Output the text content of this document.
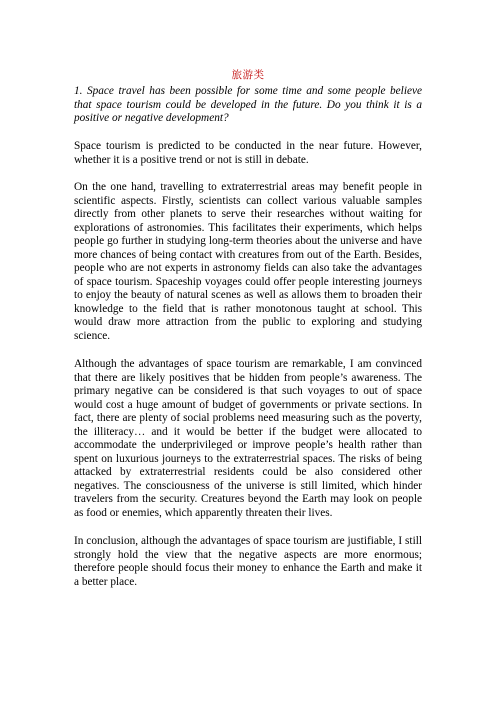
旅游类
1. Space travel has been possible for some time and some people believe that space tourism could be developed in the future. Do you think it is a positive or negative development?

Space tourism is predicted to be conducted in the near future. However, whether it is a positive trend or not is still in debate.

On the one hand, travelling to extraterrestrial areas may benefit people in scientific aspects. Firstly, scientists can collect various valuable samples directly from other planets to serve their researches without waiting for explorations of astronomies. This facilitates their experiments, which helps people go further in studying long-term theories about the universe and have more chances of being contact with creatures from out of the Earth. Besides, people who are not experts in astronomy fields can also take the advantages of space tourism. Spaceship voyages could offer people interesting journeys to enjoy the beauty of natural scenes as well as allows them to broaden their knowledge to the field that is rather monotonous taught at school. This would draw more attraction from the public to exploring and studying science.

Although the advantages of space tourism are remarkable, I am convinced that there are likely positives that be hidden from people’s awareness. The primary negative can be considered is that such voyages to out of space would cost a huge amount of budget of governments or private sections. In fact, there are plenty of social problems need measuring such as the poverty, the illiteracy… and it would be better if the budget were allocated to accommodate the underprivileged or improve people’s health rather than spent on luxurious journeys to the extraterrestrial spaces. The risks of being attacked by extraterrestrial residents could be also considered other negatives. The consciousness of the universe is still limited, which hinder travelers from the security. Creatures beyond the Earth may look on people as food or enemies, which apparently threaten their lives.

In conclusion, although the advantages of space tourism are justifiable, I still strongly hold the view that the negative aspects are more enormous; therefore people should focus their money to enhance the Earth and make it a better place.
